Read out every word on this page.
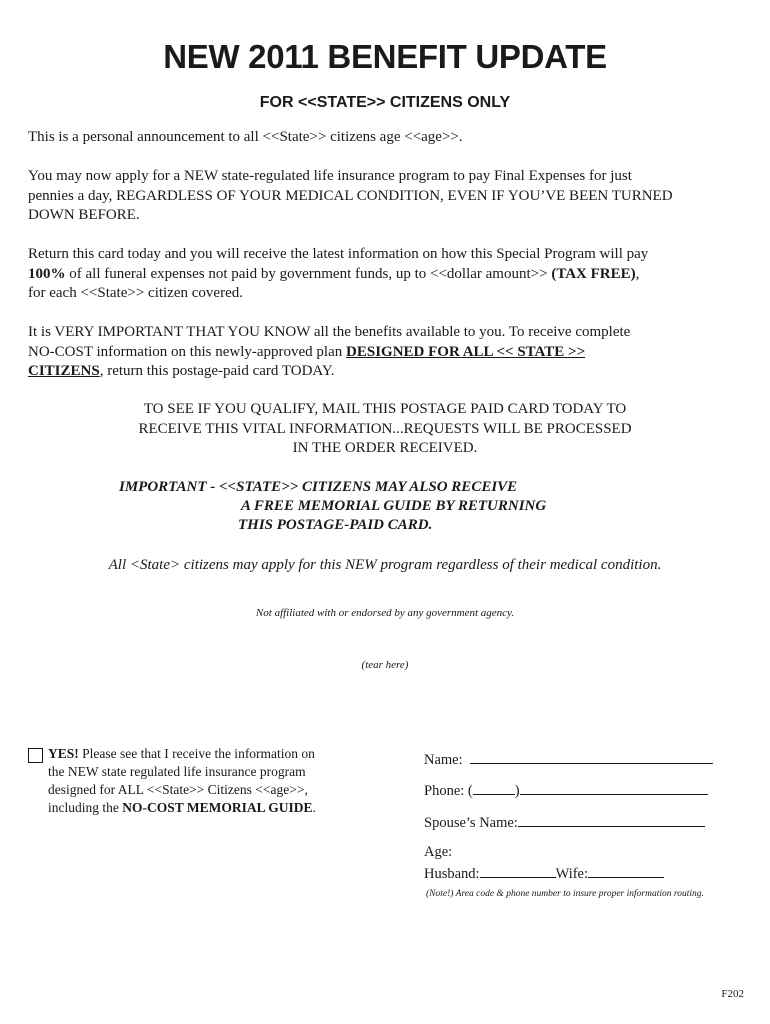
NEW 2011 BENEFIT UPDATE
FOR <<STATE>> CITIZENS ONLY
This is a personal announcement to all <<State>> citizens age <<age>>.
You may now apply for a NEW state-regulated life insurance program to pay Final Expenses for just
pennies a day, REGARDLESS OF YOUR MEDICAL CONDITION, EVEN IF YOU’VE BEEN TURNED
DOWN BEFORE.
Return this card today and you will receive the latest information on how this Special Program will pay
100% of all funeral expenses not paid by government funds, up to <<dollar amount>> (TAX FREE),
for each <<State>> citizen covered.
It is VERY IMPORTANT THAT YOU KNOW all the benefits available to you. To receive complete
NO-COST information on this newly-approved plan DESIGNED FOR ALL << STATE >>
CITIZENS, return this postage-paid card TODAY.
TO SEE IF YOU QUALIFY, MAIL THIS POSTAGE PAID CARD TODAY TO
RECEIVE THIS VITAL INFORMATION...REQUESTS WILL BE PROCESSED
IN THE ORDER RECEIVED.
IMPORTANT - <<STATE>> CITIZENS MAY ALSO RECEIVE
A FREE MEMORIAL GUIDE BY RETURNING
THIS POSTAGE-PAID CARD.
All <State> citizens may apply for this NEW program regardless of their medical condition.
Not affiliated with or endorsed by any government agency.
(tear here)
YES! Please see that I receive the information on
the NEW state regulated life insurance program
designed for ALL <<State>> Citizens <<age>>,
including the NO-COST MEMORIAL GUIDE.
Name:
Phone: (	)
Spouse’s Name:
Age:
Husband:	Wife:
(Note!) Area code & phone number to insure proper information routing.
F202
